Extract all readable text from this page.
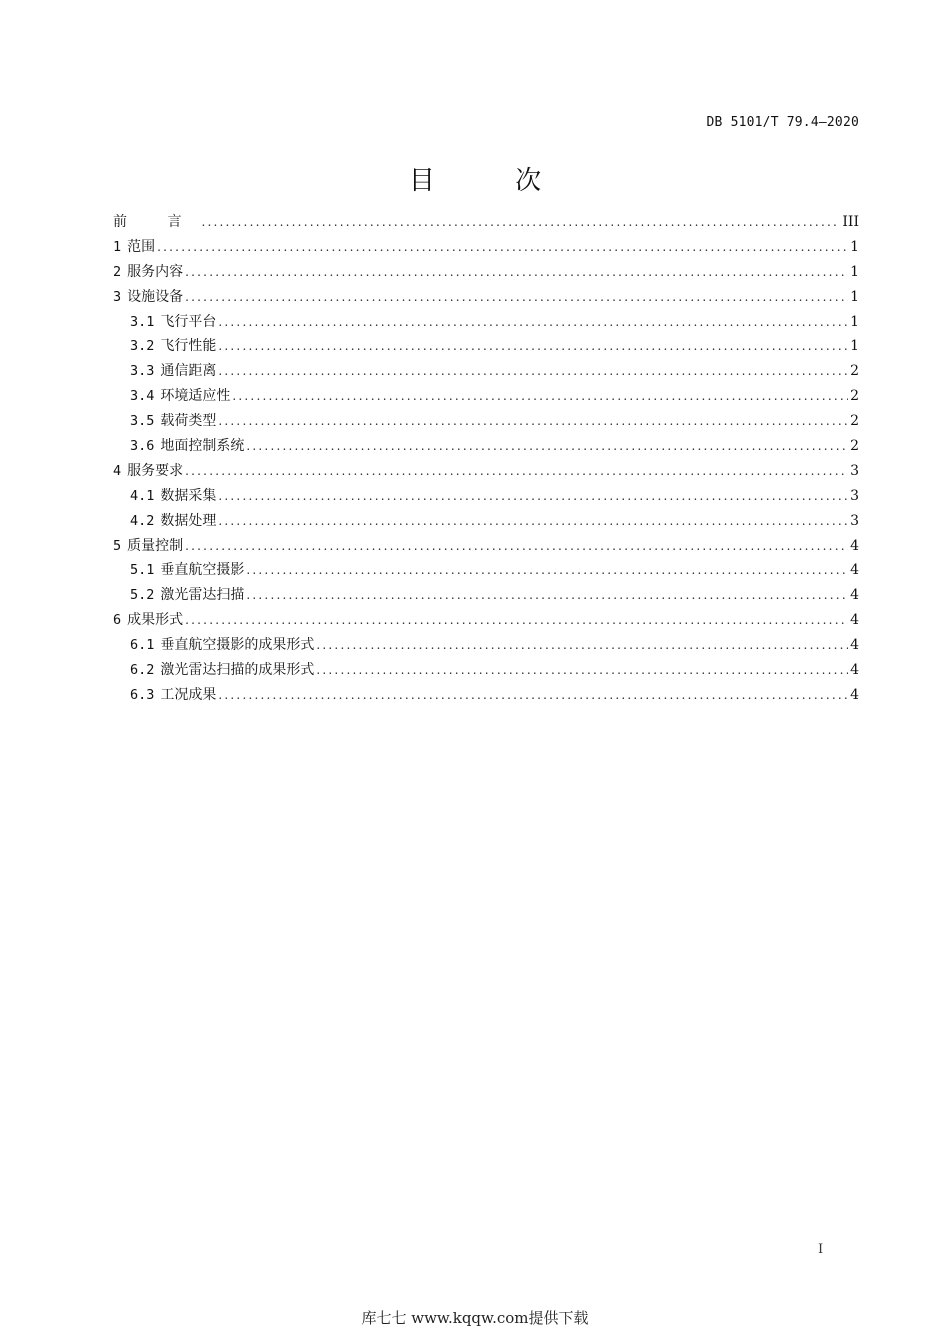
DB 5101/T 79.4—2020
目 次
前 言 .....	III
1 范围 .....	1
2 服务内容 .....	1
3 设施设备 .....	1
3.1 飞行平台 .....	1
3.2 飞行性能 .....	1
3.3 通信距离 .....	2
3.4 环境适应性 .....	2
3.5 载荷类型 .....	2
3.6 地面控制系统 .....	2
4 服务要求 .....	3
4.1 数据采集 .....	3
4.2 数据处理 .....	3
5 质量控制 .....	4
5.1 垂直航空摄影 .....	4
5.2 激光雷达扫描 .....	4
6 成果形式 .....	4
6.1 垂直航空摄影的成果形式 .....	4
6.2 激光雷达扫描的成果形式 .....	4
6.3 工况成果 .....	4
I
库七七 www.kqqw.com提供下载
